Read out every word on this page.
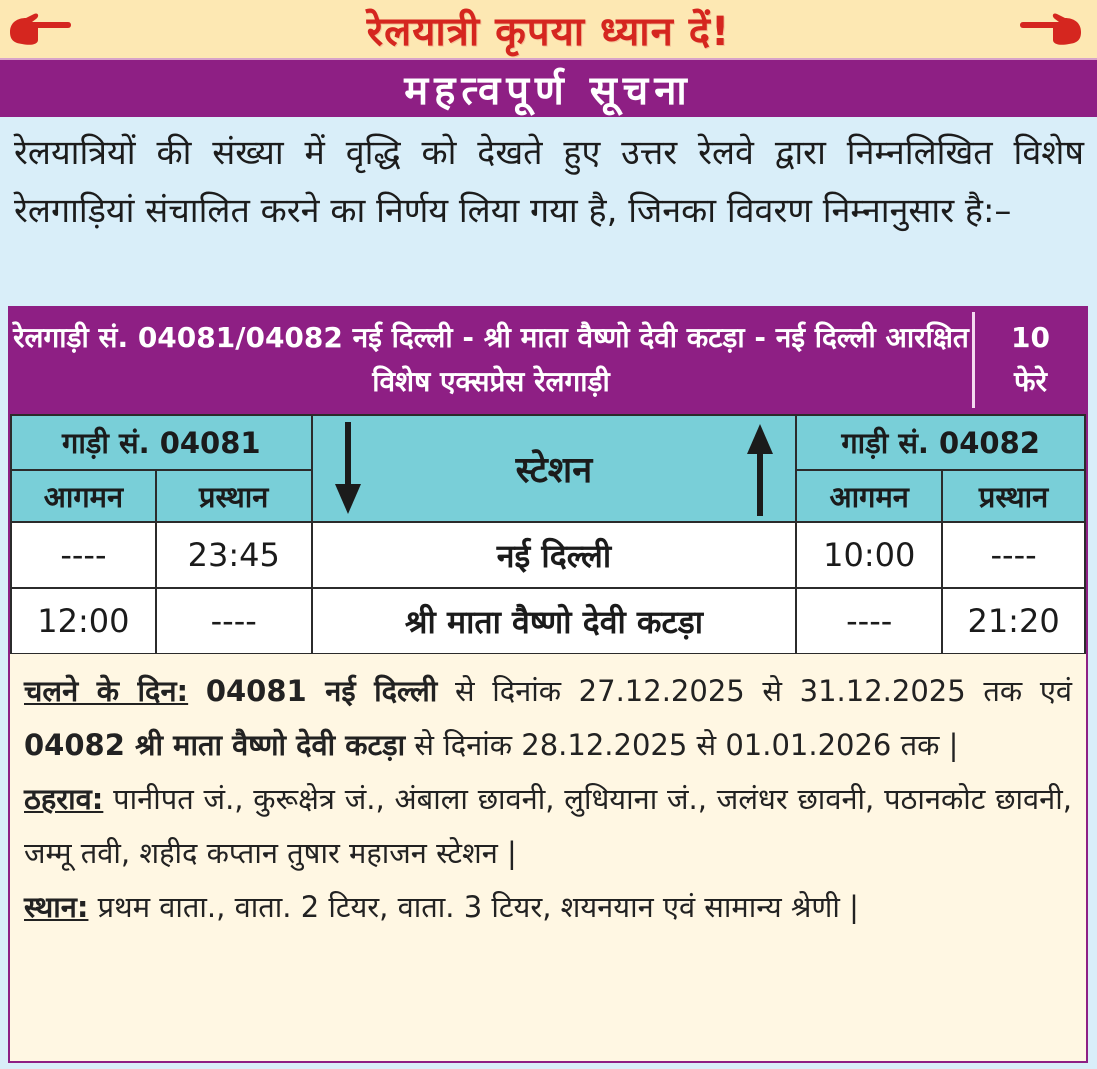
रेलयात्री कृपया ध्यान दें!
महत्वपूर्ण सूचना
रेलयात्रियों की संख्या में वृद्धि को देखते हुए उत्तर रेलवे द्वारा निम्नलिखित विशेष रेलगाड़ियां संचालित करने का निर्णय लिया गया है, जिनका विवरण निम्नानुसार है:–
रेलगाड़ी सं. 04081/04082 नई दिल्ली - श्री माता वैष्णो देवी कटड़ा - नई दिल्ली आरक्षित विशेष एक्सप्रेस रेलगाड़ी
10
फेरे
गाड़ी सं. 04081		स्टेशन	गाड़ी सं. 04082	
आगमन	प्रस्थान		आगमन	प्रस्थान
----	23:45	नई दिल्ली	10:00	----
12:00	----	श्री माता वैष्णो देवी कटड़ा	----	21:20

चलने के दिन: 04081 नई दिल्ली से दिनांक 27.12.2025 से 31.12.2025 तक एवं 04082 श्री माता वैष्णो देवी कटड़ा से दिनांक 28.12.2025 से 01.01.2026 तक |

ठहराव: पानीपत जं., कुरूक्षेत्र जं., अंबाला छावनी, लुधियाना जं., जलंधर छावनी, पठानकोट छावनी, जम्मू तवी, शहीद कप्तान तुषार महाजन स्टेशन |

स्थान: प्रथम वाता., वाता. 2 टियर, वाता. 3 टियर, शयनयान एवं सामान्य श्रेणी |
